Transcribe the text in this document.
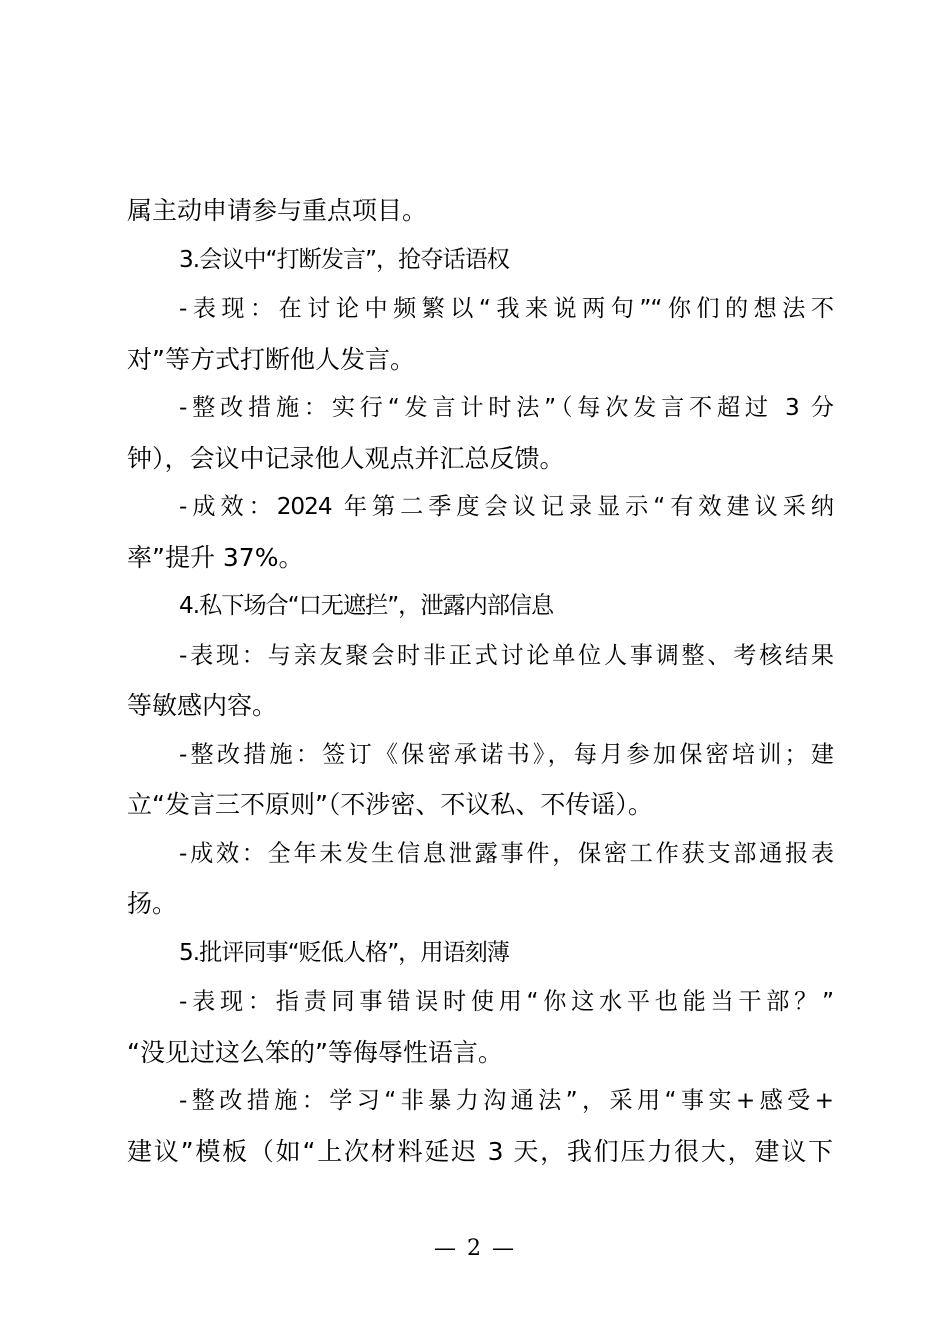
属主动申请参与重点项目。
3.会议中“打断发言”，抢夺话语权
-表现：在讨论中频繁以“我来说两句”“你们的想法不
对”等方式打断他人发言。
-整改措施：实行“发言计时法”（每次发言不超过 3 分
钟），会议中记录他人观点并汇总反馈。
-成效：2024 年第二季度会议记录显示“有效建议采纳
率”提升 37%。
4.私下场合“口无遮拦”，泄露内部信息
-表现：与亲友聚会时非正式讨论单位人事调整、考核结果
等敏感内容。
-整改措施：签订《保密承诺书》，每月参加保密培训；建
立“发言三不原则”（不涉密、不议私、不传谣）。
-成效：全年未发生信息泄露事件，保密工作获支部通报表
扬。
5.批评同事“贬低人格”，用语刻薄
-表现：指责同事错误时使用“你这水平也能当干部？”
“没见过这么笨的”等侮辱性语言。
-整改措施：学习“非暴力沟通法”，采用“事实+感受+
建议”模板（如“上次材料延迟 3 天，我们压力很大，建议下
— 2 —
